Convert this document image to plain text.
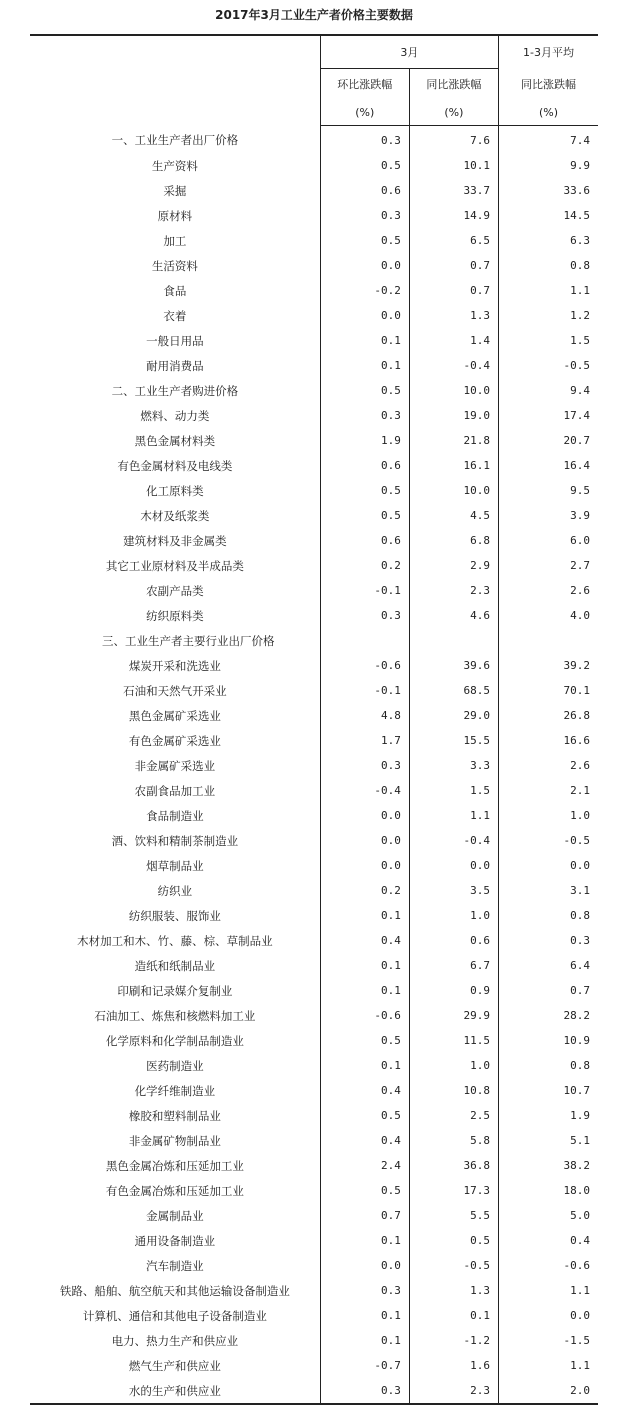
2017年3月工业生产者价格主要数据
	3月		1-3月平均
	环比涨跌幅	同比涨跌幅	同比涨跌幅
	(%)	(%)	(%)
一、工业生产者出厂价格	0.3	7.6	7.4
生产资料	0.5	10.1	9.9
采掘	0.6	33.7	33.6
原材料	0.3	14.9	14.5
加工	0.5	6.5	6.3
生活资料	0.0	0.7	0.8
食品	-0.2	0.7	1.1
衣着	0.0	1.3	1.2
一般日用品	0.1	1.4	1.5
耐用消费品	0.1	-0.4	-0.5
二、工业生产者购进价格	0.5	10.0	9.4
燃料、动力类	0.3	19.0	17.4
黑色金属材料类	1.9	21.8	20.7
有色金属材料及电线类	0.6	16.1	16.4
化工原料类	0.5	10.0	9.5
木材及纸浆类	0.5	4.5	3.9
建筑材料及非金属类	0.6	6.8	6.0
其它工业原材料及半成品类	0.2	2.9	2.7
农副产品类	-0.1	2.3	2.6
纺织原料类	0.3	4.6	4.0
三、工业生产者主要行业出厂价格			
煤炭开采和洗选业	-0.6	39.6	39.2
石油和天然气开采业	-0.1	68.5	70.1
黑色金属矿采选业	4.8	29.0	26.8
有色金属矿采选业	1.7	15.5	16.6
非金属矿采选业	0.3	3.3	2.6
农副食品加工业	-0.4	1.5	2.1
食品制造业	0.0	1.1	1.0
酒、饮料和精制茶制造业	0.0	-0.4	-0.5
烟草制品业	0.0	0.0	0.0
纺织业	0.2	3.5	3.1
纺织服装、服饰业	0.1	1.0	0.8
木材加工和木、竹、藤、棕、草制品业	0.4	0.6	0.3
造纸和纸制品业	0.1	6.7	6.4
印刷和记录媒介复制业	0.1	0.9	0.7
石油加工、炼焦和核燃料加工业	-0.6	29.9	28.2
化学原料和化学制品制造业	0.5	11.5	10.9
医药制造业	0.1	1.0	0.8
化学纤维制造业	0.4	10.8	10.7
橡胶和塑料制品业	0.5	2.5	1.9
非金属矿物制品业	0.4	5.8	5.1
黑色金属冶炼和压延加工业	2.4	36.8	38.2
有色金属冶炼和压延加工业	0.5	17.3	18.0
金属制品业	0.7	5.5	5.0
通用设备制造业	0.1	0.5	0.4
汽车制造业	0.0	-0.5	-0.6
铁路、船舶、航空航天和其他运输设备制造业	0.3	1.3	1.1
计算机、通信和其他电子设备制造业	0.1	0.1	0.0
电力、热力生产和供应业	0.1	-1.2	-1.5
燃气生产和供应业	-0.7	1.6	1.1
水的生产和供应业	0.3	2.3	2.0
